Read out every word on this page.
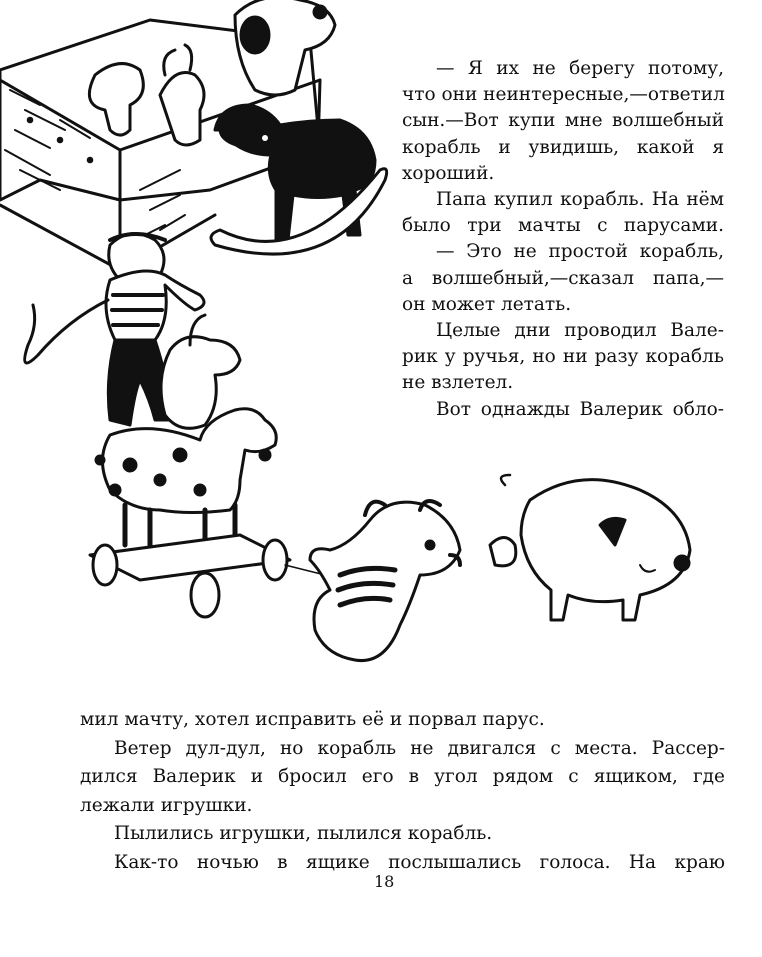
— Я их не берегу потому,
что они неинтересные,—ответил
сын.—Вот купи мне волшебный
корабль и увидишь, какой я
хороший.

Папа купил корабль. На нём
было три мачты с парусами.

— Это не простой корабль,
а волшебный,—сказал папа,—
он может летать.

Целые дни проводил Вале-
рик у ручья, но ни разу корабль
не взлетел.

Вот однажды Валерик обло-

мил мачту, хотел исправить её и порвал парус.
Ветер дул-дул, но корабль не двигался с места. Рассер-
дился Валерик и бросил его в угол рядом с ящиком, где
лежали игрушки.
Пылились игрушки, пылился корабль.
Как-то ночью в ящике послышались голоса. На краю
18
